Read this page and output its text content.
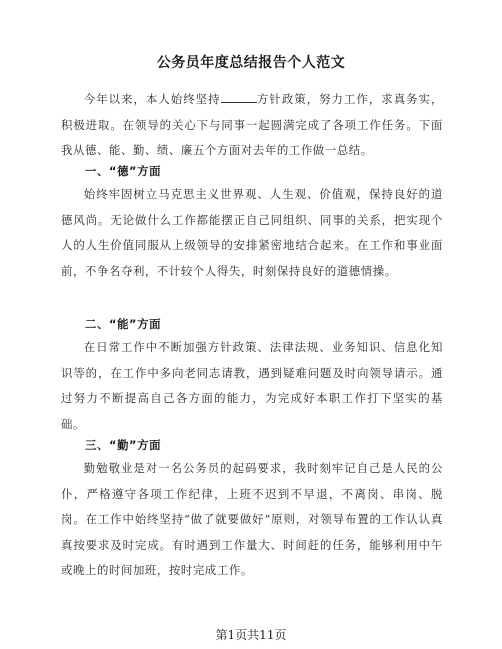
公务员年度总结报告个人范文
今年以来，本人始终坚持	方针政策，努力工作，求真务实，积极进取。在领导的关心下与同事一起圆满完成了各项工作任务。下面我从德、能、勤、绩、廉五个方面对去年的工作做一总结。
一、“德”方面
始终牢固树立马克思主义世界观、人生观、价值观，保持良好的道德风尚。无论做什么工作都能摆正自己同组织、同事的关系，把实现个人的人生价值同服从上级领导的安排紧密地结合起来。在工作和事业面前，不争名夺利，不计较个人得失，时刻保持良好的道德情操。
二、“能”方面
在日常工作中不断加强方针政策、法律法规、业务知识、信息化知识等的，在工作中多向老同志请教，遇到疑难问题及时向领导请示。通过努力不断提高自己各方面的能力，为完成好本职工作打下坚实的基础。
三、“勤”方面
勤勉敬业是对一名公务员的起码要求，我时刻牢记自己是人民的公仆，严格遵守各项工作纪律，上班不迟到不早退，不离岗、串岗、脱岗。在工作中始终坚持“做了就要做好”原则，对领导布置的工作认认真真按要求及时完成。有时遇到工作量大、时间赶的任务，能够利用中午或晚上的时间加班，按时完成工作。
第1页共11页
